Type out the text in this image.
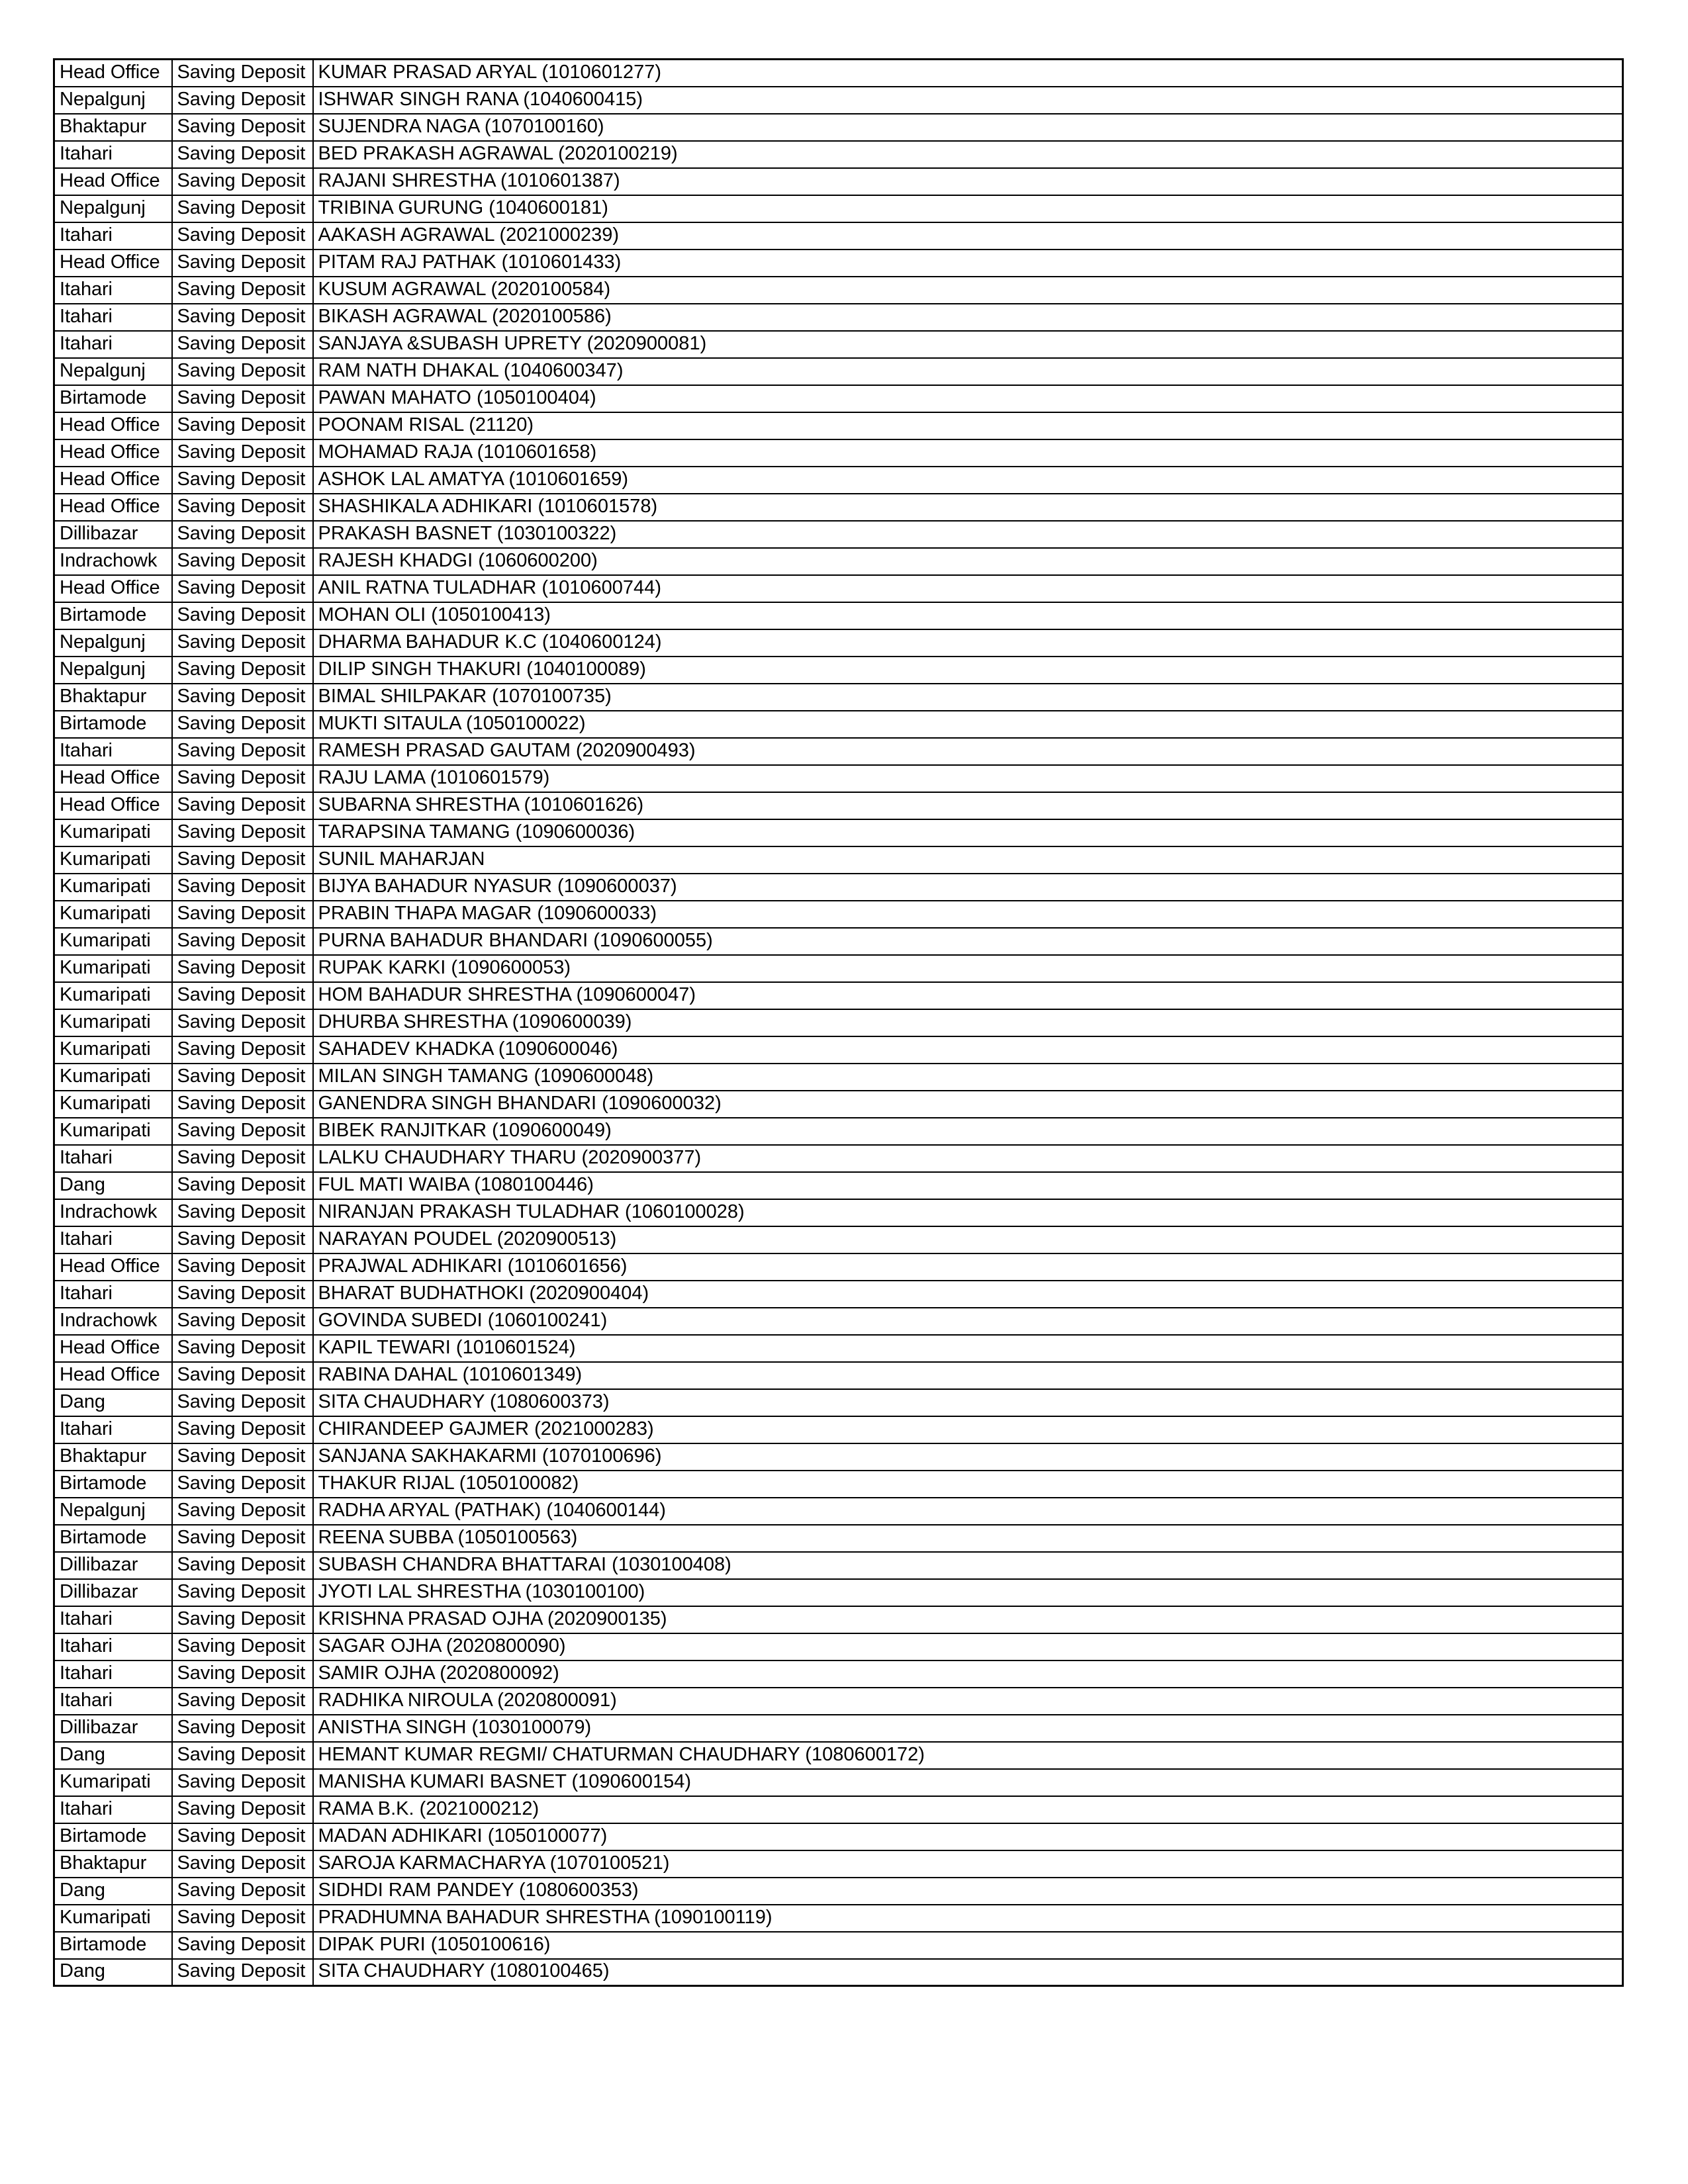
Head Office	Saving Deposit	KUMAR PRASAD ARYAL (1010601277)
Nepalgunj	Saving Deposit	ISHWAR SINGH RANA (1040600415)
Bhaktapur	Saving Deposit	SUJENDRA NAGA (1070100160)
Itahari	Saving Deposit	BED PRAKASH AGRAWAL (2020100219)
Head Office	Saving Deposit	RAJANI SHRESTHA (1010601387)
Nepalgunj	Saving Deposit	TRIBINA GURUNG (1040600181)
Itahari	Saving Deposit	AAKASH AGRAWAL (2021000239)
Head Office	Saving Deposit	PITAM RAJ PATHAK (1010601433)
Itahari	Saving Deposit	KUSUM AGRAWAL (2020100584)
Itahari	Saving Deposit	BIKASH AGRAWAL (2020100586)
Itahari	Saving Deposit	SANJAYA &SUBASH UPRETY (2020900081)
Nepalgunj	Saving Deposit	RAM NATH DHAKAL (1040600347)
Birtamode	Saving Deposit	PAWAN MAHATO (1050100404)
Head Office	Saving Deposit	POONAM RISAL (21120)
Head Office	Saving Deposit	MOHAMAD RAJA (1010601658)
Head Office	Saving Deposit	ASHOK LAL AMATYA (1010601659)
Head Office	Saving Deposit	SHASHIKALA ADHIKARI (1010601578)
Dillibazar	Saving Deposit	PRAKASH BASNET (1030100322)
Indrachowk	Saving Deposit	RAJESH KHADGI (1060600200)
Head Office	Saving Deposit	ANIL RATNA TULADHAR (1010600744)
Birtamode	Saving Deposit	MOHAN OLI (1050100413)
Nepalgunj	Saving Deposit	DHARMA BAHADUR K.C (1040600124)
Nepalgunj	Saving Deposit	DILIP SINGH THAKURI (1040100089)
Bhaktapur	Saving Deposit	BIMAL SHILPAKAR (1070100735)
Birtamode	Saving Deposit	MUKTI SITAULA (1050100022)
Itahari	Saving Deposit	RAMESH PRASAD GAUTAM (2020900493)
Head Office	Saving Deposit	RAJU LAMA (1010601579)
Head Office	Saving Deposit	SUBARNA SHRESTHA (1010601626)
Kumaripati	Saving Deposit	TARAPSINA TAMANG (1090600036)
Kumaripati	Saving Deposit	SUNIL MAHARJAN
Kumaripati	Saving Deposit	BIJYA BAHADUR NYASUR (1090600037)
Kumaripati	Saving Deposit	PRABIN THAPA MAGAR (1090600033)
Kumaripati	Saving Deposit	PURNA BAHADUR BHANDARI (1090600055)
Kumaripati	Saving Deposit	RUPAK KARKI (1090600053)
Kumaripati	Saving Deposit	HOM BAHADUR SHRESTHA (1090600047)
Kumaripati	Saving Deposit	DHURBA SHRESTHA (1090600039)
Kumaripati	Saving Deposit	SAHADEV KHADKA (1090600046)
Kumaripati	Saving Deposit	MILAN SINGH TAMANG (1090600048)
Kumaripati	Saving Deposit	GANENDRA SINGH BHANDARI (1090600032)
Kumaripati	Saving Deposit	BIBEK RANJITKAR (1090600049)
Itahari	Saving Deposit	LALKU CHAUDHARY THARU (2020900377)
Dang	Saving Deposit	FUL MATI WAIBA (1080100446)
Indrachowk	Saving Deposit	NIRANJAN PRAKASH TULADHAR (1060100028)
Itahari	Saving Deposit	NARAYAN POUDEL (2020900513)
Head Office	Saving Deposit	PRAJWAL ADHIKARI (1010601656)
Itahari	Saving Deposit	BHARAT BUDHATHOKI (2020900404)
Indrachowk	Saving Deposit	GOVINDA SUBEDI (1060100241)
Head Office	Saving Deposit	KAPIL TEWARI (1010601524)
Head Office	Saving Deposit	RABINA DAHAL (1010601349)
Dang	Saving Deposit	SITA CHAUDHARY (1080600373)
Itahari	Saving Deposit	CHIRANDEEP GAJMER (2021000283)
Bhaktapur	Saving Deposit	SANJANA SAKHAKARMI (1070100696)
Birtamode	Saving Deposit	THAKUR RIJAL (1050100082)
Nepalgunj	Saving Deposit	RADHA ARYAL (PATHAK) (1040600144)
Birtamode	Saving Deposit	REENA SUBBA (1050100563)
Dillibazar	Saving Deposit	SUBASH CHANDRA BHATTARAI (1030100408)
Dillibazar	Saving Deposit	JYOTI LAL SHRESTHA (1030100100)
Itahari	Saving Deposit	KRISHNA PRASAD OJHA (2020900135)
Itahari	Saving Deposit	SAGAR OJHA (2020800090)
Itahari	Saving Deposit	SAMIR OJHA (2020800092)
Itahari	Saving Deposit	RADHIKA NIROULA (2020800091)
Dillibazar	Saving Deposit	ANISTHA SINGH (1030100079)
Dang	Saving Deposit	HEMANT KUMAR REGMI/ CHATURMAN CHAUDHARY (1080600172)
Kumaripati	Saving Deposit	MANISHA KUMARI BASNET (1090600154)
Itahari	Saving Deposit	RAMA B.K. (2021000212)
Birtamode	Saving Deposit	MADAN ADHIKARI (1050100077)
Bhaktapur	Saving Deposit	SAROJA KARMACHARYA (1070100521)
Dang	Saving Deposit	SIDHDI RAM PANDEY (1080600353)
Kumaripati	Saving Deposit	PRADHUMNA BAHADUR SHRESTHA (1090100119)
Birtamode	Saving Deposit	DIPAK PURI (1050100616)
Dang	Saving Deposit	SITA CHAUDHARY (1080100465)
